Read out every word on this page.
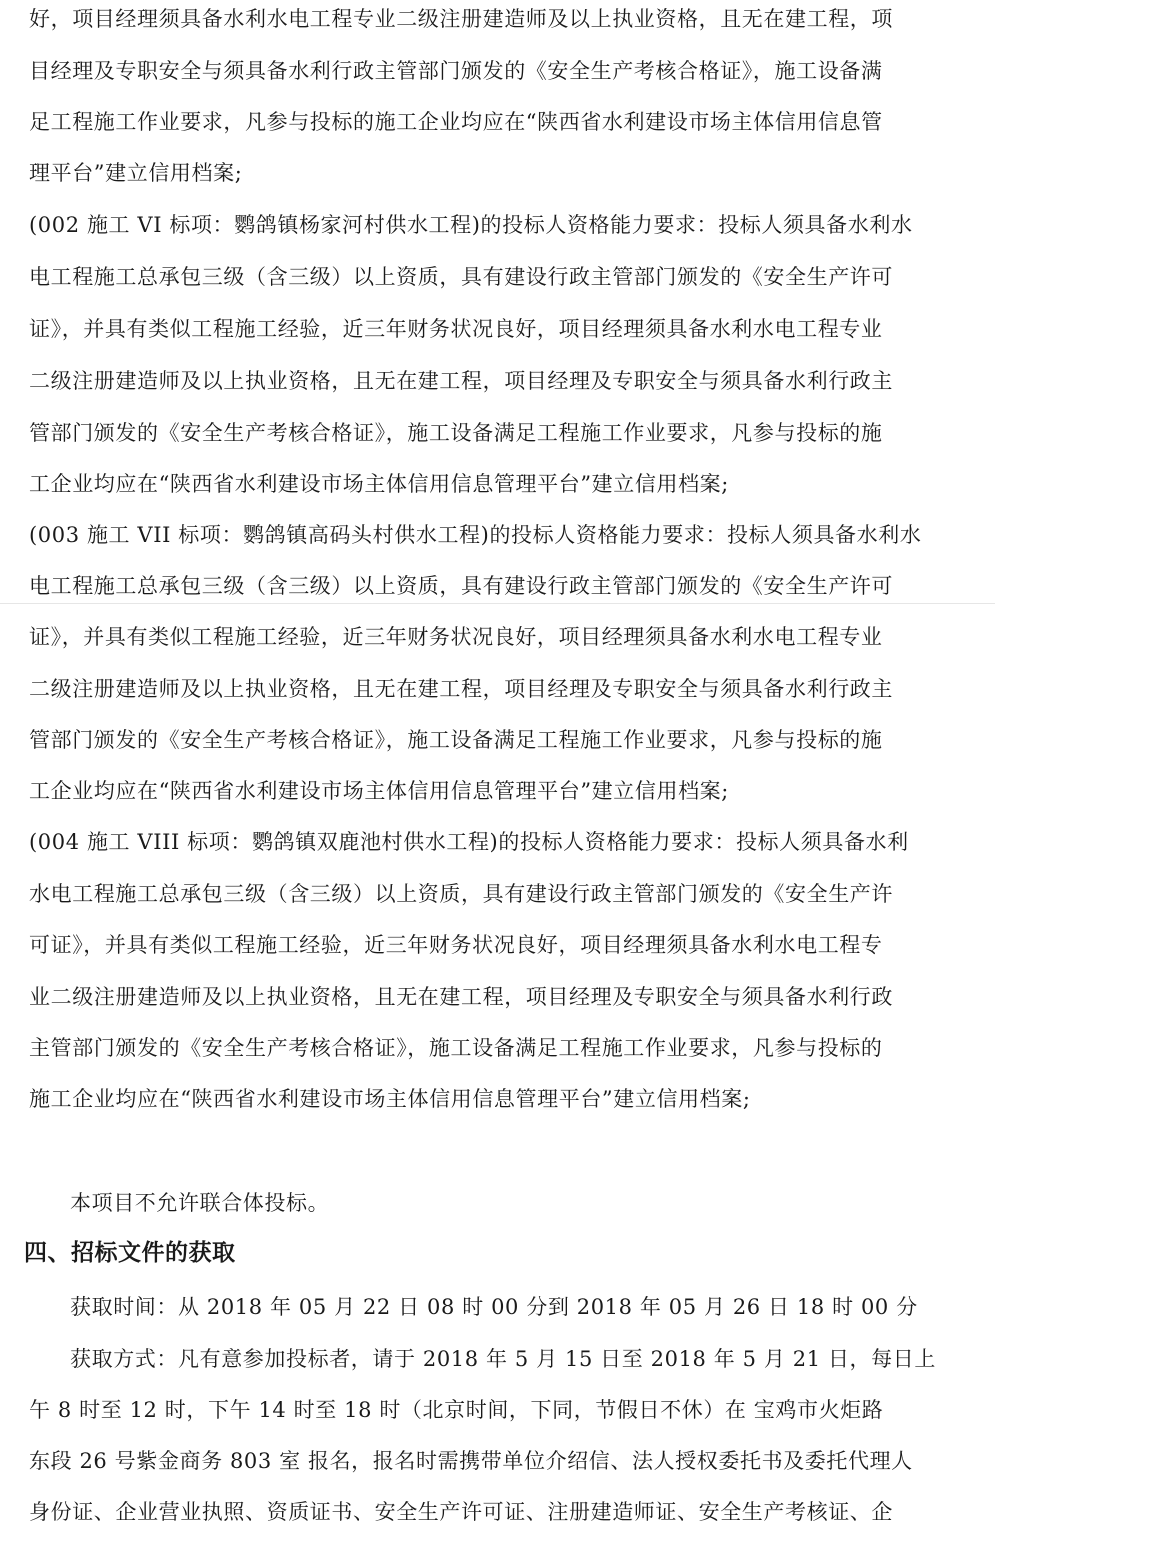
好，项目经理须具备水利水电工程专业二级注册建造师及以上执业资格，且无在建工程，项
目经理及专职安全与须具备水利行政主管部门颁发的《安全生产考核合格证》，施工设备满
足工程施工作业要求，凡参与投标的施工企业均应在“陕西省水利建设市场主体信用信息管
理平台”建立信用档案;
(002 施工 VI 标项：鹦鸽镇杨家河村供水工程)的投标人资格能力要求：投标人须具备水利水
电工程施工总承包三级（含三级）以上资质，具有建设行政主管部门颁发的《安全生产许可
证》，并具有类似工程施工经验，近三年财务状况良好，项目经理须具备水利水电工程专业
二级注册建造师及以上执业资格，且无在建工程，项目经理及专职安全与须具备水利行政主
管部门颁发的《安全生产考核合格证》，施工设备满足工程施工作业要求，凡参与投标的施
工企业均应在“陕西省水利建设市场主体信用信息管理平台”建立信用档案;
(003 施工 VII 标项：鹦鸽镇高码头村供水工程)的投标人资格能力要求：投标人须具备水利水
电工程施工总承包三级（含三级）以上资质，具有建设行政主管部门颁发的《安全生产许可
证》，并具有类似工程施工经验，近三年财务状况良好，项目经理须具备水利水电工程专业
二级注册建造师及以上执业资格，且无在建工程，项目经理及专职安全与须具备水利行政主
管部门颁发的《安全生产考核合格证》，施工设备满足工程施工作业要求，凡参与投标的施
工企业均应在“陕西省水利建设市场主体信用信息管理平台”建立信用档案;
(004 施工 VIII 标项：鹦鸽镇双鹿池村供水工程)的投标人资格能力要求：投标人须具备水利
水电工程施工总承包三级（含三级）以上资质，具有建设行政主管部门颁发的《安全生产许
可证》，并具有类似工程施工经验，近三年财务状况良好，项目经理须具备水利水电工程专
业二级注册建造师及以上执业资格，且无在建工程，项目经理及专职安全与须具备水利行政
主管部门颁发的《安全生产考核合格证》，施工设备满足工程施工作业要求，凡参与投标的
施工企业均应在“陕西省水利建设市场主体信用信息管理平台”建立信用档案;
本项目不允许联合体投标。
四、招标文件的获取
获取时间：从 2018 年 05 月 22 日 08 时 00 分到 2018 年 05 月 26 日 18 时 00 分
获取方式：凡有意参加投标者，请于 2018 年 5 月 15 日至 2018 年 5 月 21 日，每日上
午 8 时至 12 时，下午 14 时至 18 时（北京时间，下同，节假日不休）在 宝鸡市火炬路
东段 26 号紫金商务 803 室 报名，报名时需携带单位介绍信、法人授权委托书及委托代理人
身份证、企业营业执照、资质证书、安全生产许可证、注册建造师证、安全生产考核证、企
